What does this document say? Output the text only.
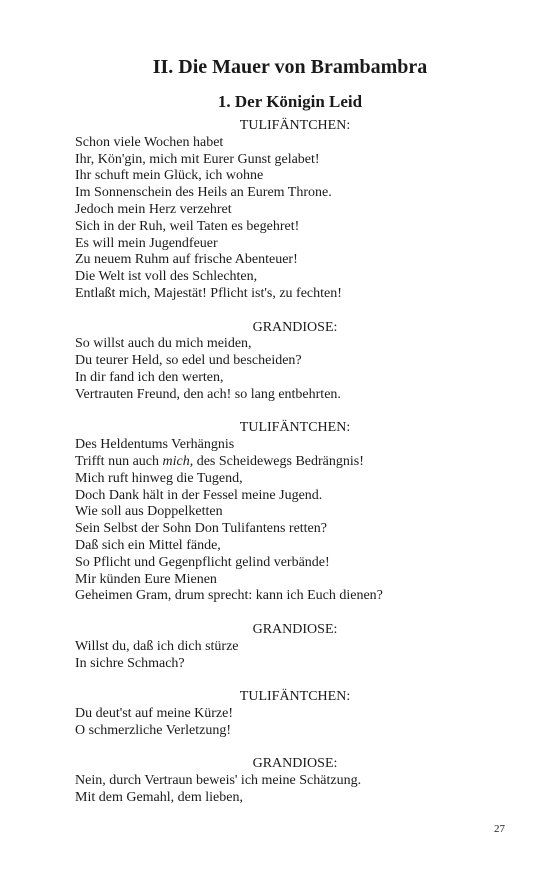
II. Die Mauer von Brambambra
1. Der Königin Leid
TULIFÄNTCHEN:
Schon viele Wochen habet
Ihr, Kön'gin, mich mit Eurer Gunst gelabet!
Ihr schuft mein Glück, ich wohne
Im Sonnenschein des Heils an Eurem Throne.
Jedoch mein Herz verzehret
Sich in der Ruh, weil Taten es begehret!
Es will mein Jugendfeuer
Zu neuem Ruhm auf frische Abenteuer!
Die Welt ist voll des Schlechten,
Entlaßt mich, Majestät! Pflicht ist's, zu fechten!
GRANDIOSE:
So willst auch du mich meiden,
Du teurer Held, so edel und bescheiden?
In dir fand ich den werten,
Vertrauten Freund, den ach! so lang entbehrten.
TULIFÄNTCHEN:
Des Heldentums Verhängnis
Trifft nun auch mich, des Scheidewegs Bedrängnis!
Mich ruft hinweg die Tugend,
Doch Dank hält in der Fessel meine Jugend.
Wie soll aus Doppelketten
Sein Selbst der Sohn Don Tulifantens retten?
Daß sich ein Mittel fände,
So Pflicht und Gegenpflicht gelind verbände!
Mir künden Eure Mienen
Geheimen Gram, drum sprecht: kann ich Euch dienen?
GRANDIOSE:
Willst du, daß ich dich stürze
In sichre Schmach?
TULIFÄNTCHEN:
Du deut'st auf meine Kürze!
O schmerzliche Verletzung!
GRANDIOSE:
Nein, durch Vertraun beweis' ich meine Schätzung.
Mit dem Gemahl, dem lieben,
27
